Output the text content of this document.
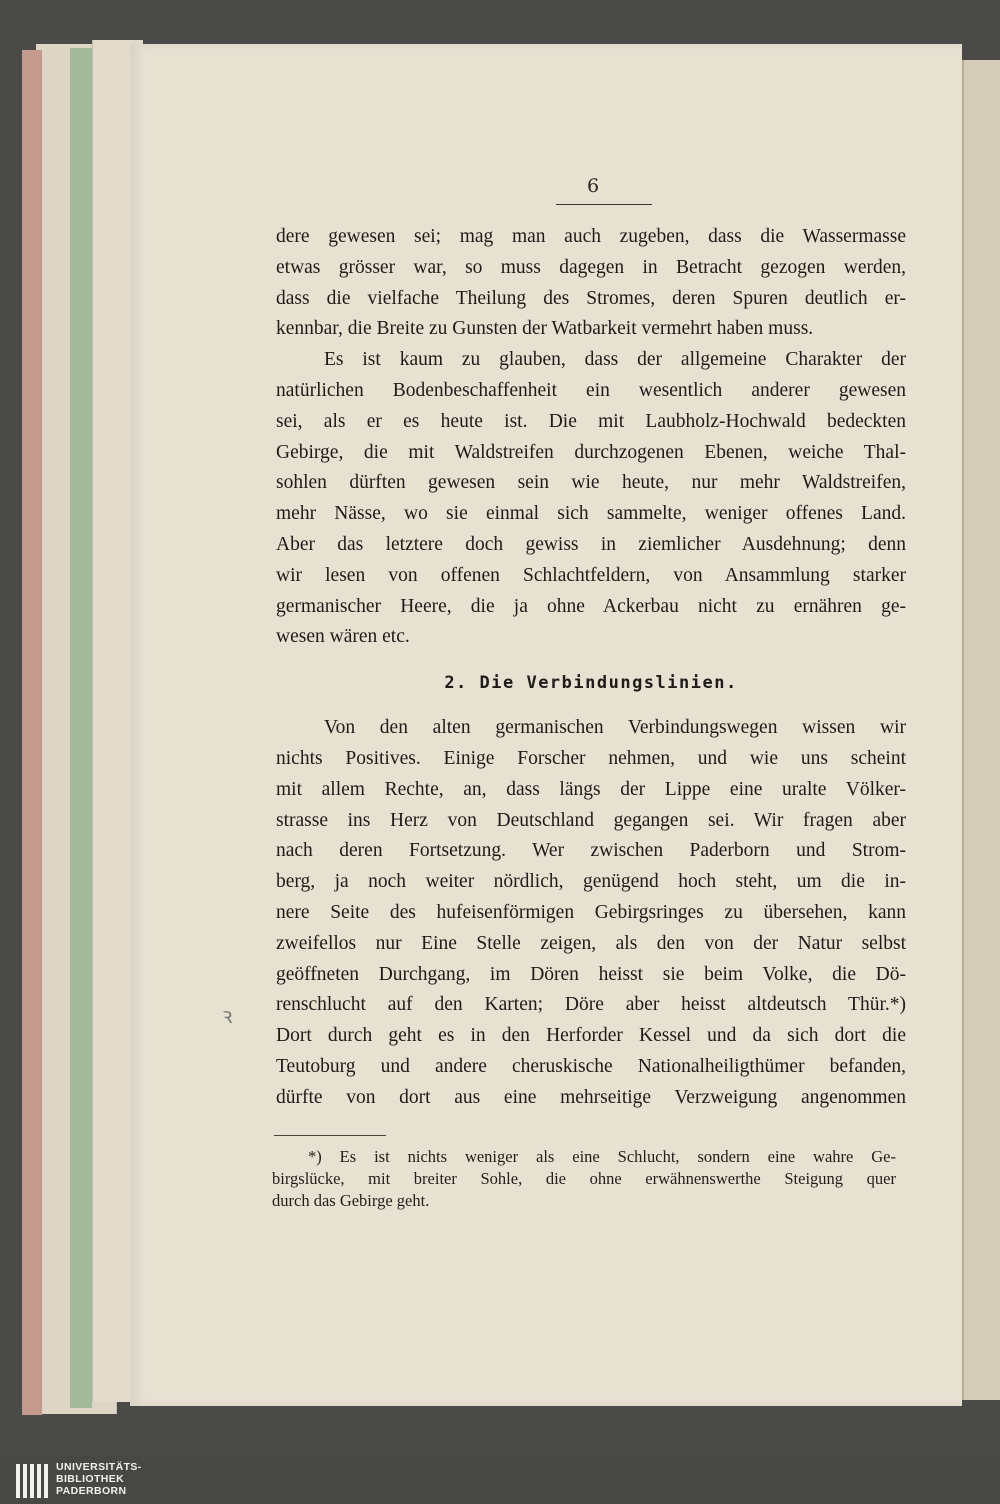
6
dere gewesen sei; mag man auch zugeben, dass die Wassermasse
etwas grösser war, so muss dagegen in Betracht gezogen werden,
dass die vielfache Theilung des Stromes, deren Spuren deutlich er-
kennbar, die Breite zu Gunsten der Watbarkeit vermehrt haben muss.
Es ist kaum zu glauben, dass der allgemeine Charakter der
natürlichen Bodenbeschaffenheit ein wesentlich anderer gewesen
sei, als er es heute ist. Die mit Laubholz-Hochwald bedeckten
Gebirge, die mit Waldstreifen durchzogenen Ebenen, weiche Thal-
sohlen dürften gewesen sein wie heute, nur mehr Waldstreifen,
mehr Nässe, wo sie einmal sich sammelte, weniger offenes Land.
Aber das letztere doch gewiss in ziemlicher Ausdehnung; denn
wir lesen von offenen Schlachtfeldern, von Ansammlung starker
germanischer Heere, die ja ohne Ackerbau nicht zu ernähren ge-
wesen wären etc.
2. Die Verbindungslinien.
Von den alten germanischen Verbindungswegen wissen wir
nichts Positives. Einige Forscher nehmen, und wie uns scheint
mit allem Rechte, an, dass längs der Lippe eine uralte Völker-
strasse ins Herz von Deutschland gegangen sei. Wir fragen aber
nach deren Fortsetzung. Wer zwischen Paderborn und Strom-
berg, ja noch weiter nördlich, genügend hoch steht, um die in-
nere Seite des hufeisenförmigen Gebirgsringes zu übersehen, kann
zweifellos nur Eine Stelle zeigen, als den von der Natur selbst
geöffneten Durchgang, im Dören heisst sie beim Volke, die Dö-
renschlucht auf den Karten; Döre aber heisst altdeutsch Thür.*)
Dort durch geht es in den Herforder Kessel und da sich dort die
Teutoburg und andere cheruskische Nationalheiligthümer befanden,
dürfte von dort aus eine mehrseitige Verzweigung angenommen
ꝛ
*) Es ist nichts weniger als eine Schlucht, sondern eine wahre Ge-
birgslücke, mit breiter Sohle, die ohne erwähnenswerthe Steigung quer
durch das Gebirge geht.
UNIVERSITÄTS-
BIBLIOTHEK
PADERBORN
